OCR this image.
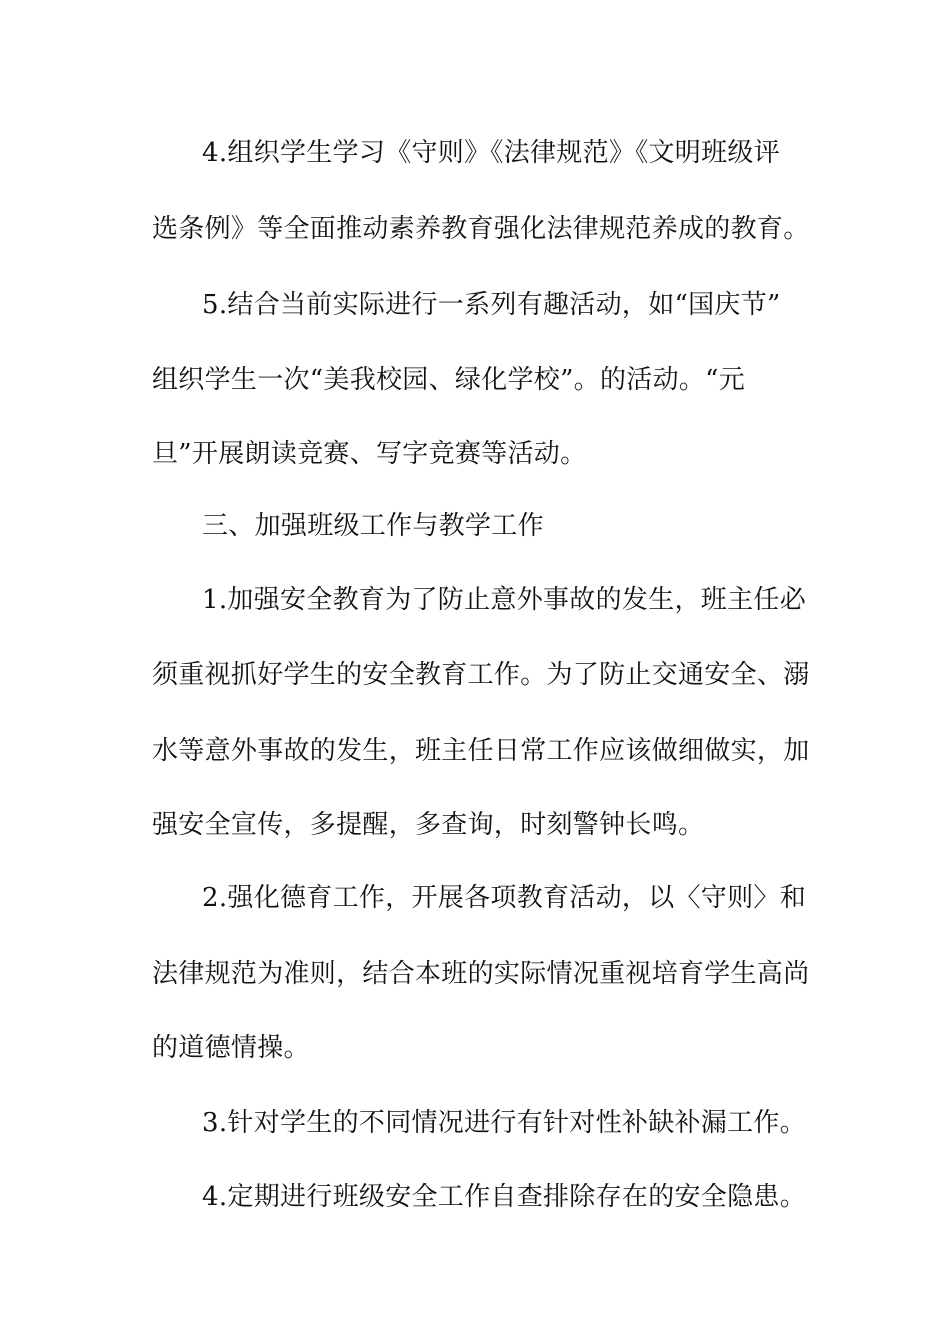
4.组织学生学习《守则》《法律规范》《文明班级评
选条例》等全面推动素养教育强化法律规范养成的教育。
5.结合当前实际进行一系列有趣活动，如“国庆节”
组织学生一次“美我校园、绿化学校”。的活动。“元
旦”开展朗读竞赛、写字竞赛等活动。
三、加强班级工作与教学工作
1.加强安全教育为了防止意外事故的发生，班主任必
须重视抓好学生的安全教育工作。为了防止交通安全、溺
水等意外事故的发生，班主任日常工作应该做细做实，加
强安全宣传，多提醒，多查询，时刻警钟长鸣。
2.强化德育工作，开展各项教育活动，以〈守则〉和
法律规范为准则，结合本班的实际情况重视培育学生高尚
的道德情操。
3.针对学生的不同情况进行有针对性补缺补漏工作。
4.定期进行班级安全工作自查排除存在的安全隐患。
